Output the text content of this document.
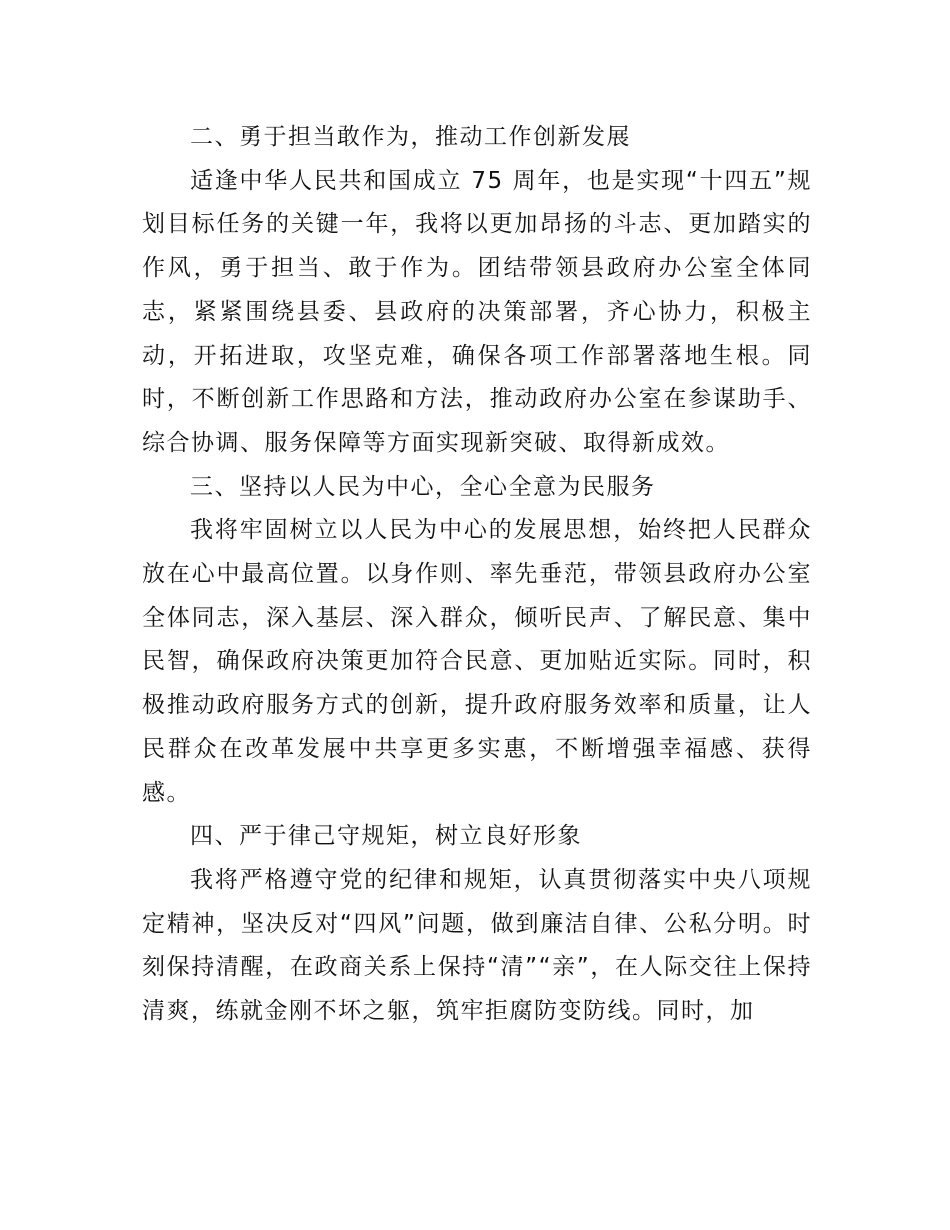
二、勇于担当敢作为，推动工作创新发展

适逢中华人民共和国成立 75 周年，也是实现“十四五”规划目标任务的关键一年，我将以更加昂扬的斗志、更加踏实的作风，勇于担当、敢于作为。团结带领县政府办公室全体同志，紧紧围绕县委、县政府的决策部署，齐心协力，积极主动，开拓进取，攻坚克难，确保各项工作部署落地生根。同时，不断创新工作思路和方法，推动政府办公室在参谋助手、综合协调、服务保障等方面实现新突破、取得新成效。

三、坚持以人民为中心，全心全意为民服务

我将牢固树立以人民为中心的发展思想，始终把人民群众放在心中最高位置。以身作则、率先垂范，带领县政府办公室全体同志，深入基层、深入群众，倾听民声、了解民意、集中民智，确保政府决策更加符合民意、更加贴近实际。同时，积极推动政府服务方式的创新，提升政府服务效率和质量，让人民群众在改革发展中共享更多实惠，不断增强幸福感、获得感。

四、严于律己守规矩，树立良好形象

我将严格遵守党的纪律和规矩，认真贯彻落实中央八项规定精神，坚决反对“四风”问题，做到廉洁自律、公私分明。时刻保持清醒，在政商关系上保持“清”“亲”，在人际交往上保持清爽，练就金刚不坏之躯，筑牢拒腐防变防线。同时，加
